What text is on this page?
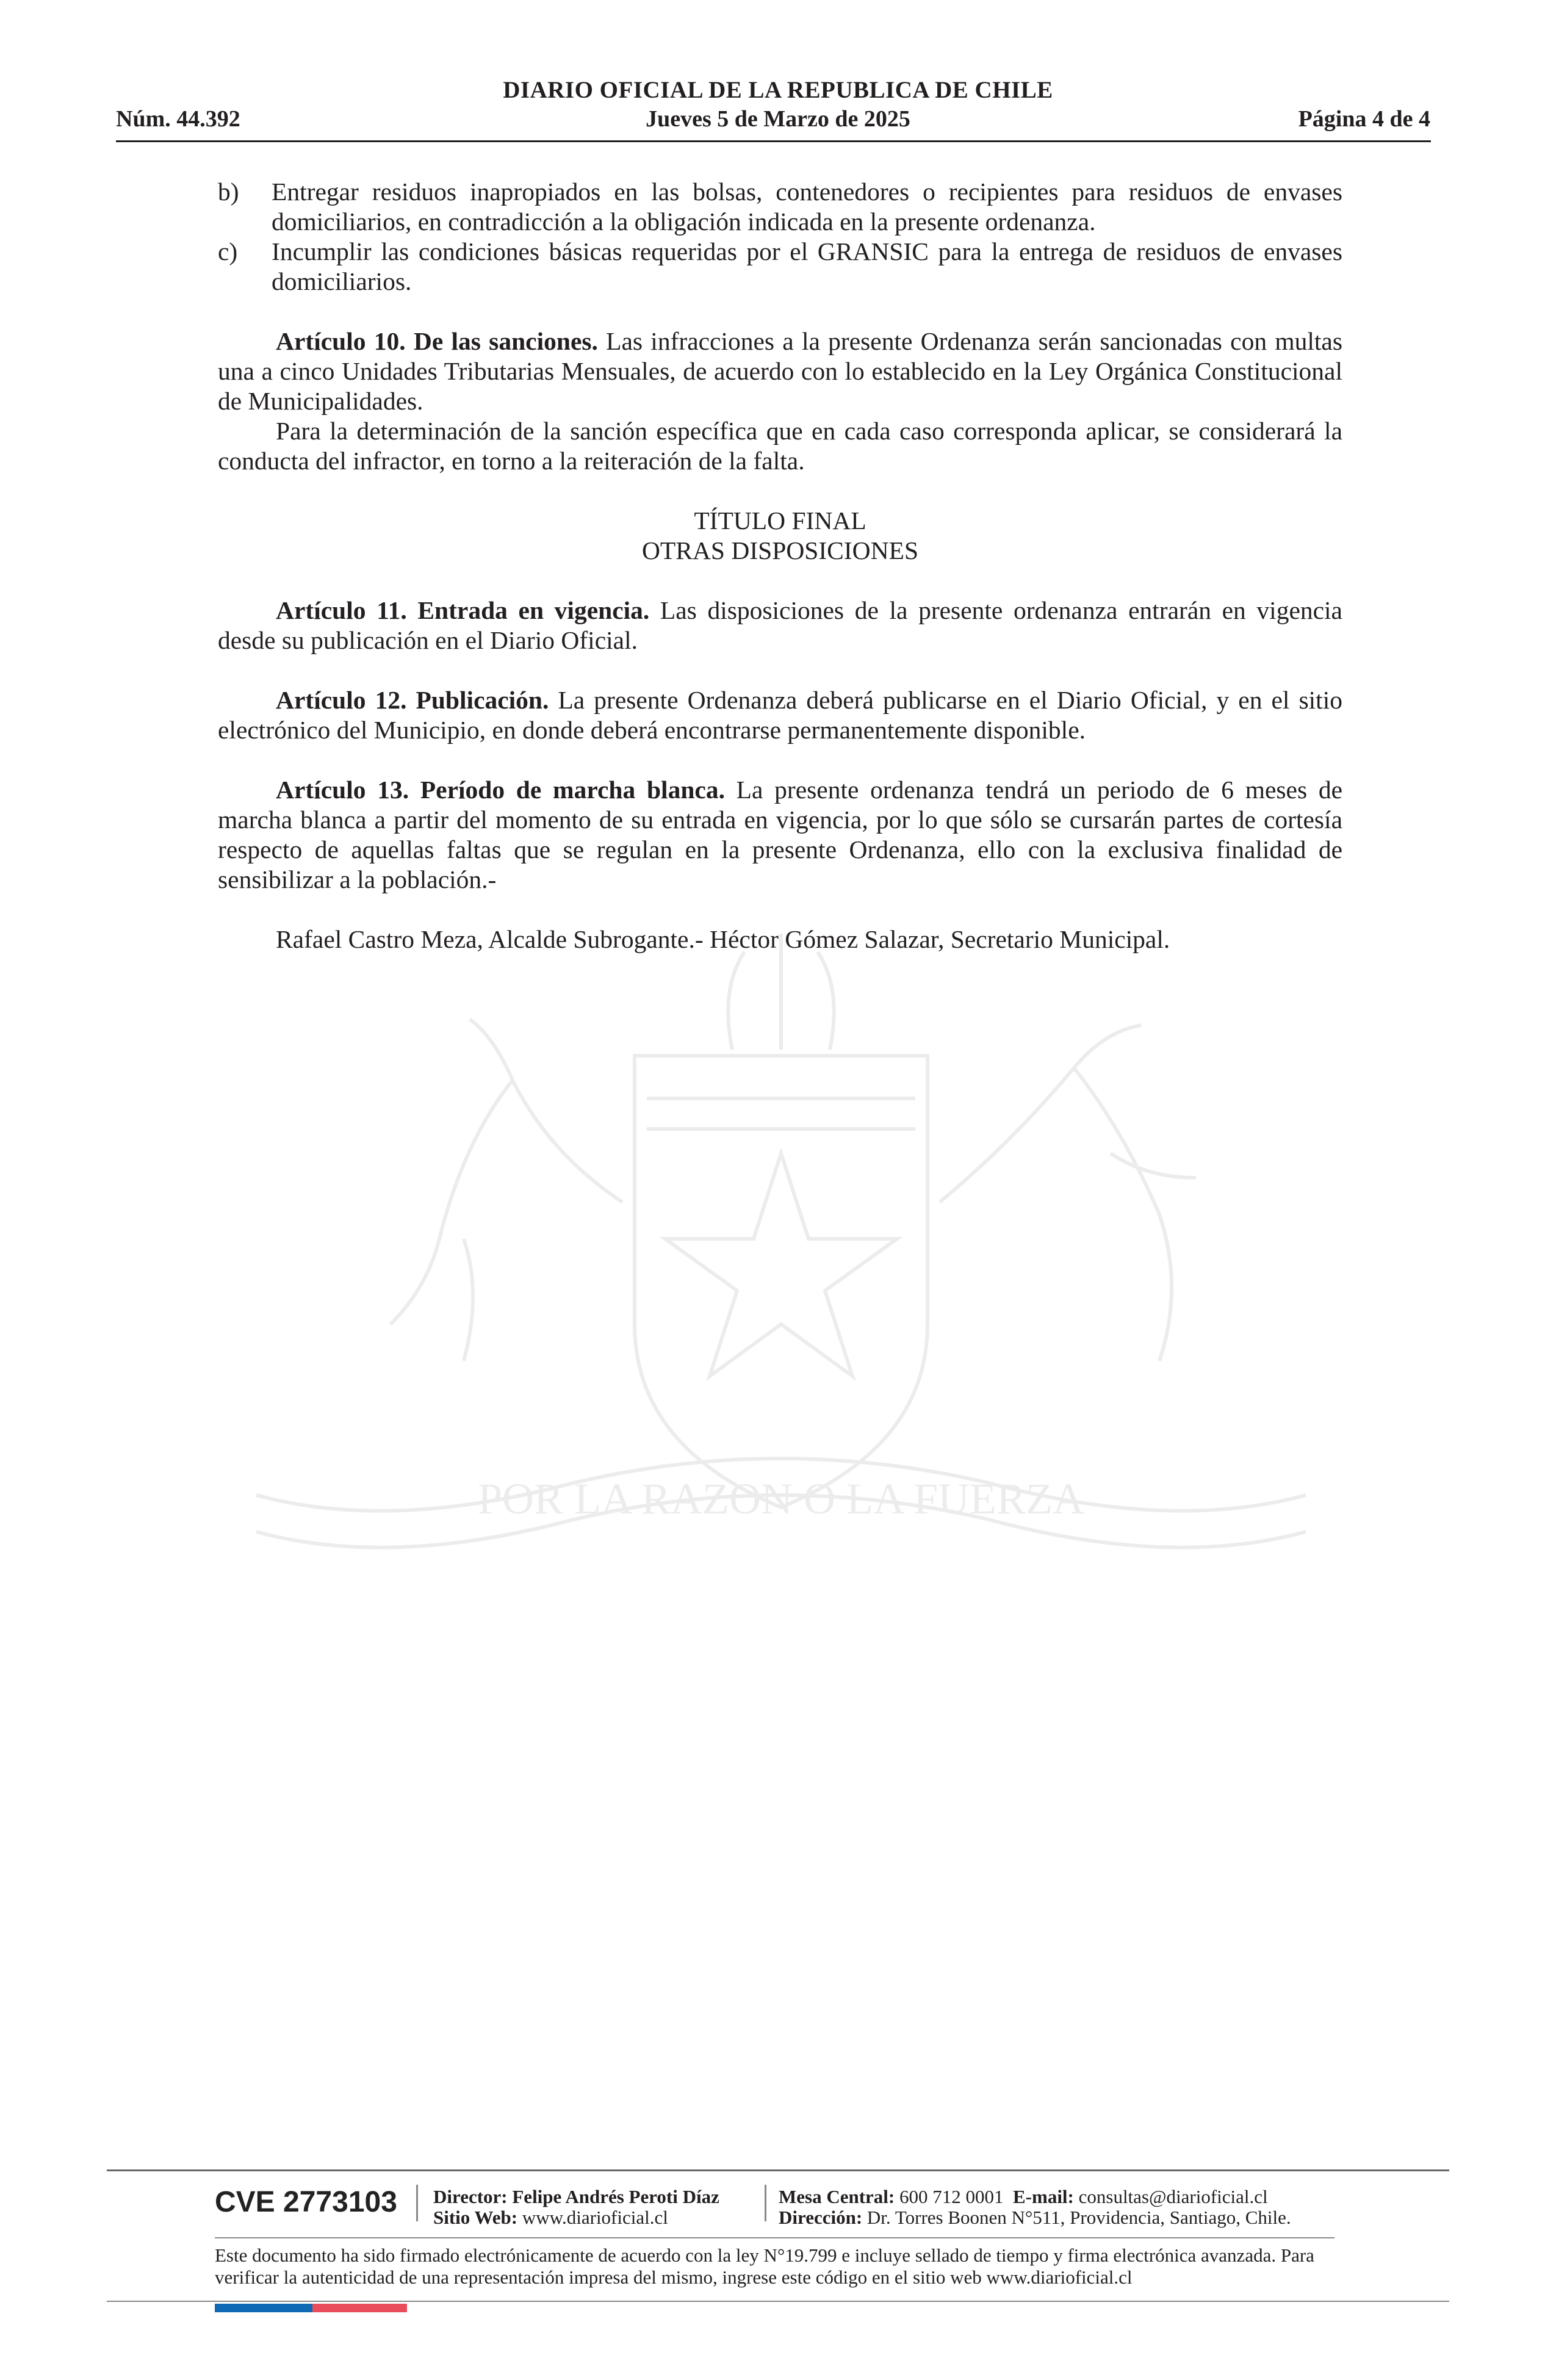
DIARIO OFICIAL DE LA REPUBLICA DE CHILE
Núm. 44.392	Jueves 5 de Marzo de 2025	Página 4 de 4
POR LA RAZON O LA FUERZA
b)	Entregar residuos inapropiados en las bolsas, contenedores o recipientes para residuos de envases domiciliarios, en contradicción a la obligación indicada en la presente ordenanza.
c)	Incumplir las condiciones básicas requeridas por el GRANSIC para la entrega de residuos de envases domiciliarios.

Artículo 10. De las sanciones. Las infracciones a la presente Ordenanza serán sancionadas con multas una a cinco Unidades Tributarias Mensuales, de acuerdo con lo establecido en la Ley Orgánica Constitucional de Municipalidades.

Para la determinación de la sanción específica que en cada caso corresponda aplicar, se considerará la conducta del infractor, en torno a la reiteración de la falta.

TÍTULO FINAL

OTRAS DISPOSICIONES

Artículo 11. Entrada en vigencia. Las disposiciones de la presente ordenanza entrarán en vigencia desde su publicación en el Diario Oficial.

Artículo 12. Publicación. La presente Ordenanza deberá publicarse en el Diario Oficial, y en el sitio electrónico del Municipio, en donde deberá encontrarse permanentemente disponible.

Artículo 13. Período de marcha blanca. La presente ordenanza tendrá un periodo de 6 meses de marcha blanca a partir del momento de su entrada en vigencia, por lo que sólo se cursarán partes de cortesía respecto de aquellas faltas que se regulan en la presente Ordenanza, ello con la exclusiva finalidad de sensibilizar a la población.-

Rafael Castro Meza, Alcalde Subrogante.- Héctor Gómez Salazar, Secretario Municipal.

CVE 2773103 Director: Felipe Andrés Peroti Díaz
Sitio Web: www.diarioficial.cl
Mesa Central: 600 712 0001 E-mail: consultas@diarioficial.cl
Dirección: Dr. Torres Boonen N°511, Providencia, Santiago, Chile.
Este documento ha sido firmado electrónicamente de acuerdo con la ley N°19.799 e incluye sellado de tiempo y firma electrónica avanzada. Para verificar la autenticidad de una representación impresa del mismo, ingrese este código en el sitio web www.diarioficial.cl
